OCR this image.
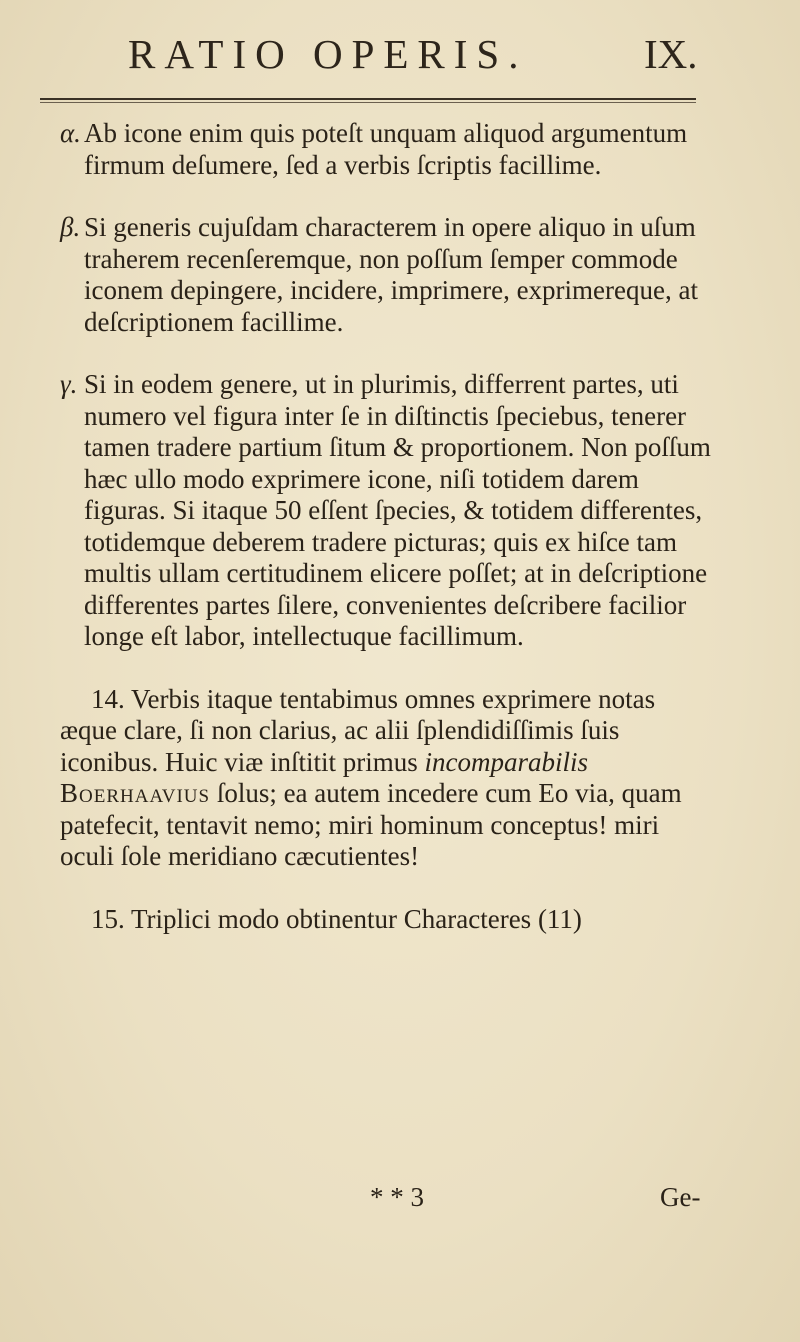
RATIO OPERIS.	IX.

α. Ab icone enim quis poteſt unquam aliquod argumentum firmum deſumere, ſed a verbis ſcriptis facillime.

β. Si generis cujuſdam characterem in opere aliquo in uſum traherem recenſeremque, non poſſum ſemper commode iconem depingere, incidere, imprimere, exprimereque, at deſcriptionem facillime.

γ. Si in eodem genere, ut in plurimis, differrent partes, uti numero vel figura inter ſe in diſtinctis ſpeciebus, tenerer tamen tradere partium ſitum & proportionem. Non poſſum hæc ullo modo exprimere icone, niſi totidem darem figuras. Si itaque 50 eſſent ſpecies, & totidem differentes, totidemque deberem tradere picturas; quis ex hiſce tam multis ullam certitudinem elicere poſſet; at in deſcriptione differentes partes ſilere, convenientes deſcribere facilior longe eſt labor, intellectuque facillimum.

14. Verbis itaque tentabimus omnes exprimere notas æque clare, ſi non clarius, ac alii ſplendidiſſimis ſuis iconibus. Huic viæ inſtitit primus incomparabilis Boerhaavius ſolus; ea autem incedere cum Eo via, quam patefecit, tentavit nemo; miri hominum conceptus! miri oculi ſole meridiano cæcutientes!

15. Triplici modo obtinentur Characteres (11)

* * 3	Ge-
